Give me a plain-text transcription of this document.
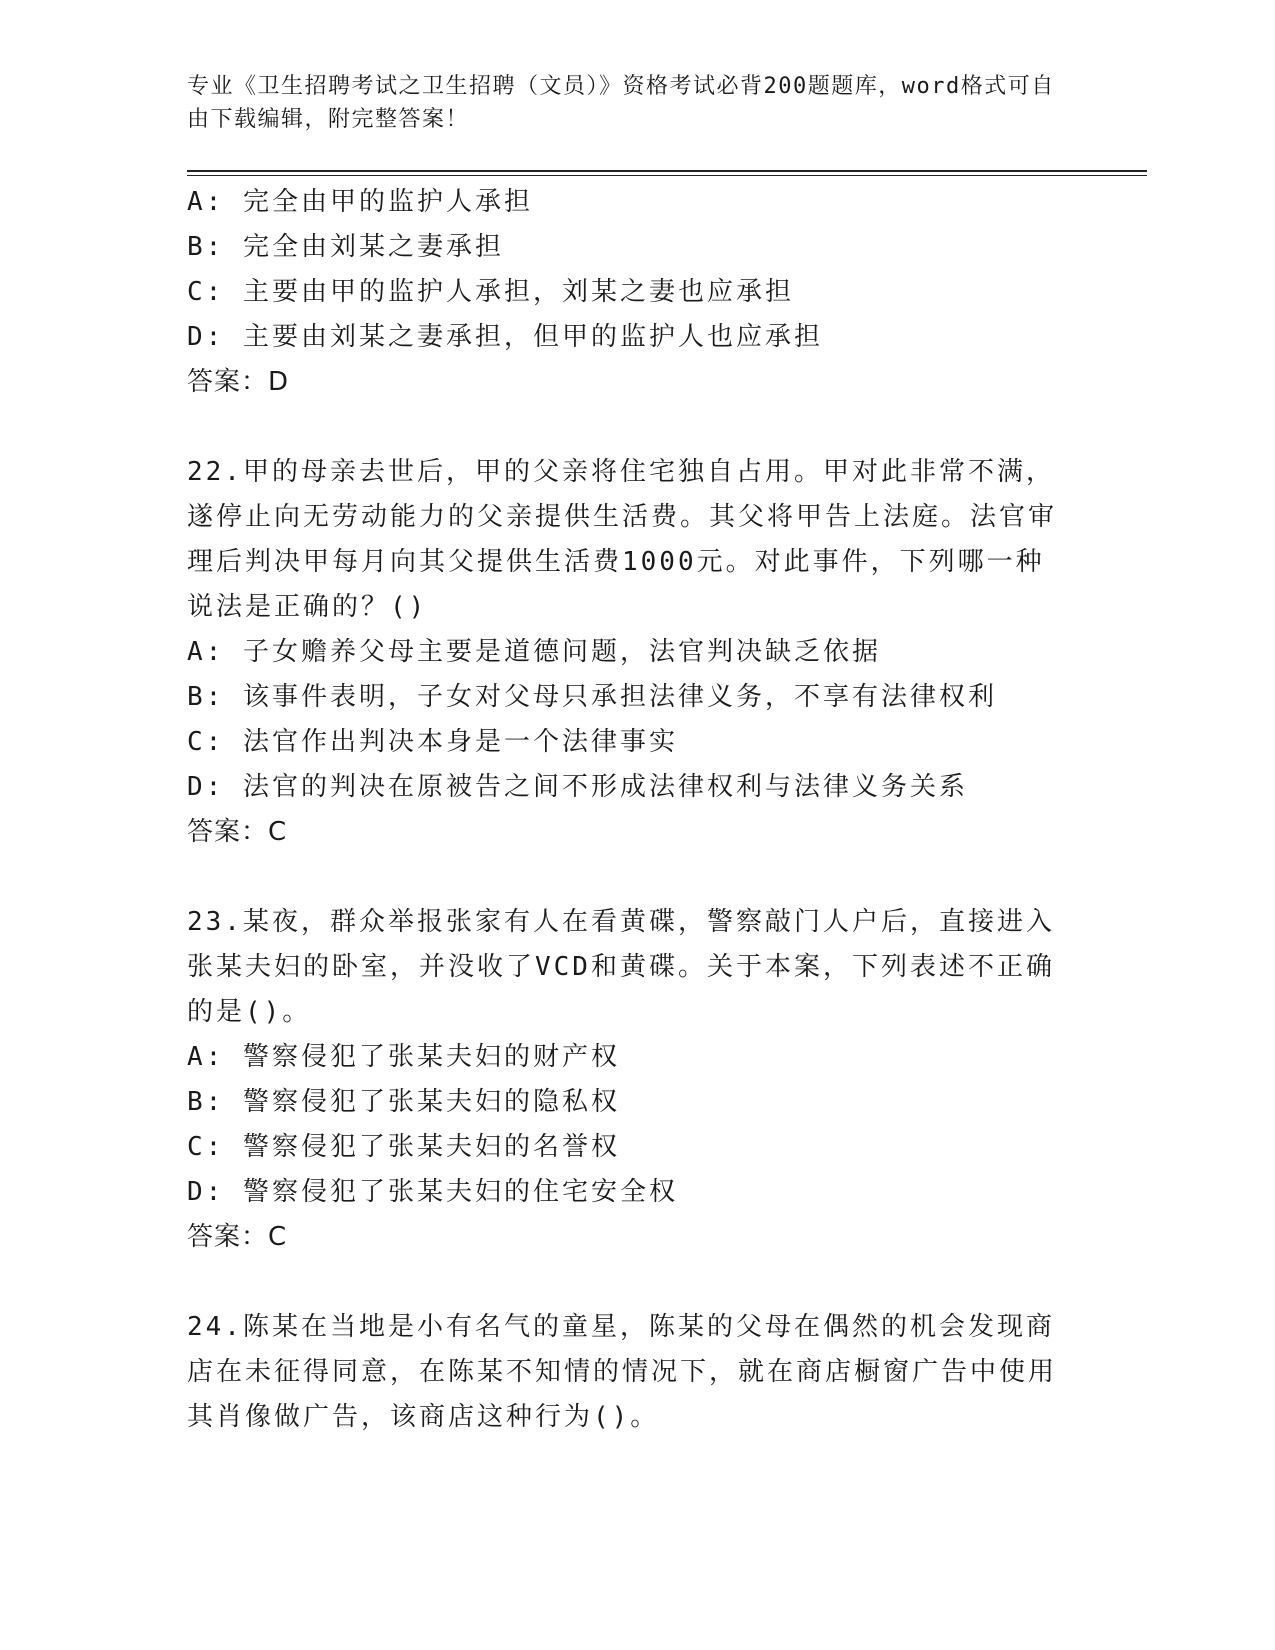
专业《卫生招聘考试之卫生招聘（文员）》资格考试必背200题题库，word格式可自由下载编辑，附完整答案！

A: 完全由甲的监护人承担

B: 完全由刘某之妻承担

C: 主要由甲的监护人承担，刘某之妻也应承担

D: 主要由刘某之妻承担，但甲的监护人也应承担

答案：D

22.甲的母亲去世后，甲的父亲将住宅独自占用。甲对此非常不满，遂停止向无劳动能力的父亲提供生活费。其父将甲告上法庭。法官审理后判决甲每月向其父提供生活费1000元。对此事件，下列哪一种说法是正确的？()

A: 子女赡养父母主要是道德问题，法官判决缺乏依据

B: 该事件表明，子女对父母只承担法律义务，不享有法律权利

C: 法官作出判决本身是一个法律事实

D: 法官的判决在原被告之间不形成法律权利与法律义务关系

答案：C

23.某夜，群众举报张家有人在看黄碟，警察敲门人户后，直接进入张某夫妇的卧室，并没收了VCD和黄碟。关于本案，下列表述不正确的是()。

A: 警察侵犯了张某夫妇的财产权

B: 警察侵犯了张某夫妇的隐私权

C: 警察侵犯了张某夫妇的名誉权

D: 警察侵犯了张某夫妇的住宅安全权

答案：C

24.陈某在当地是小有名气的童星，陈某的父母在偶然的机会发现商店在未征得同意，在陈某不知情的情况下，就在商店橱窗广告中使用其肖像做广告，该商店这种行为()。
